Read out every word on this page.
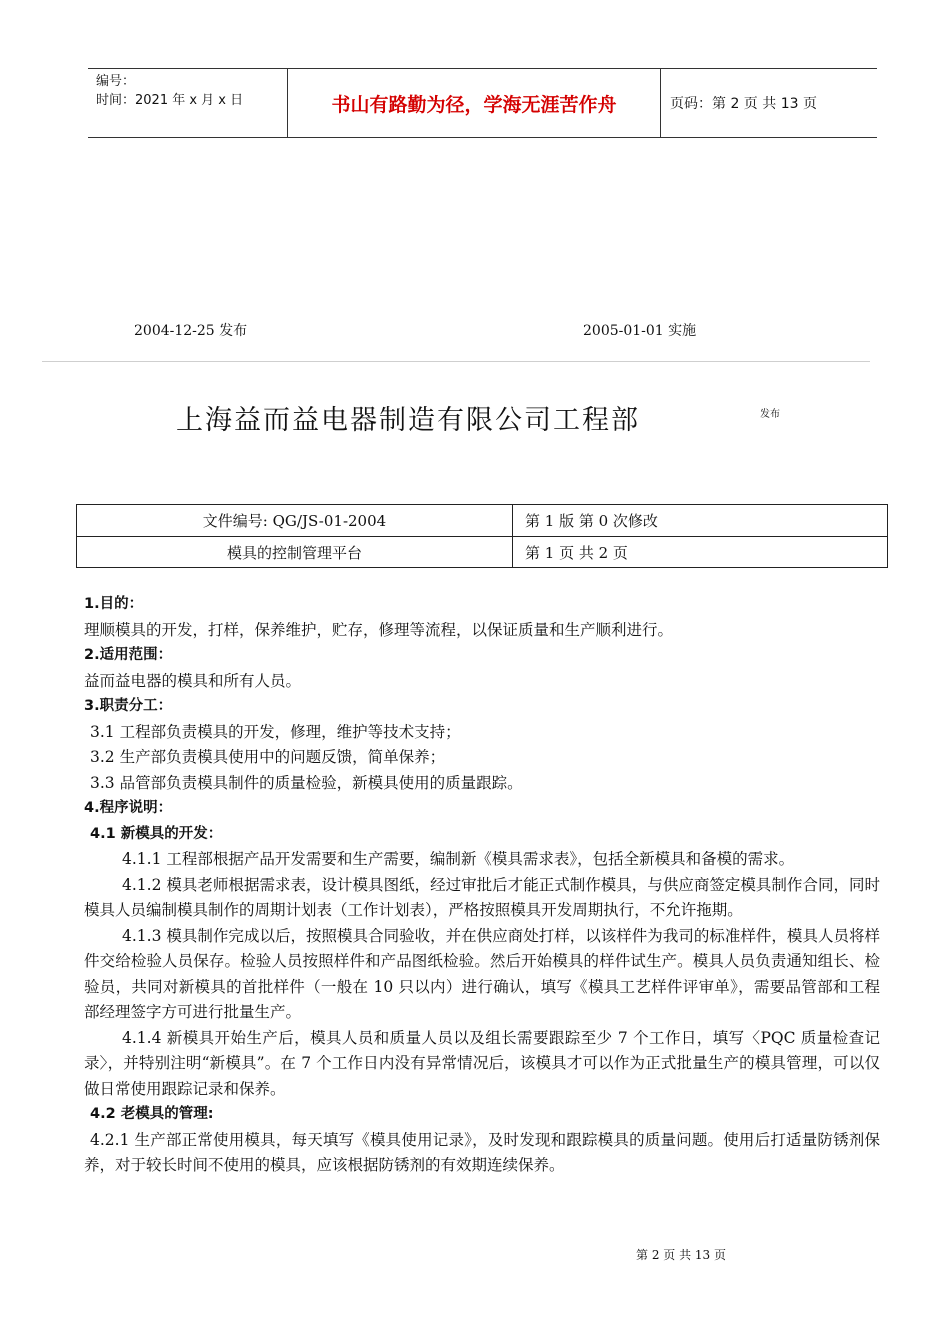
编号：
时间：2021 年 x 月 x 日	书山有路勤为径，学海无涯苦作舟	页码：第 2 页 共 13 页
2004-12-25 发布	2005-01-01 实施
上海益而益电器制造有限公司工程部	发布
文件编号: QG/JS-01-2004	第 1 版 第 0 次修改
模具的控制管理平台	第 1 页 共 2 页
1.目的：

理顺模具的开发，打样，保养维护，贮存，修理等流程，以保证质量和生产顺利进行。

2.适用范围：

益而益电器的模具和所有人员。

3.职责分工：

3.1 工程部负责模具的开发，修理，维护等技术支持；

3.2 生产部负责模具使用中的问题反馈，简单保养；

3.3 品管部负责模具制件的质量检验，新模具使用的质量跟踪。

4.程序说明：
4.1 新模具的开发：

4.1.1 工程部根据产品开发需要和生产需要，编制新《模具需求表》，包括全新模具和备模的需求。

4.1.2 模具老师根据需求表，设计模具图纸，经过审批后才能正式制作模具，与供应商签定模具制作合同，同时模具人员编制模具制作的周期计划表（工作计划表），严格按照模具开发周期执行，不允许拖期。

4.1.3 模具制作完成以后，按照模具合同验收，并在供应商处打样，以该样件为我司的标准样件，模具人员将样件交给检验人员保存。检验人员按照样件和产品图纸检验。然后开始模具的样件试生产。模具人员负责通知组长、检验员，共同对新模具的首批样件（一般在 10 只以内）进行确认，填写《模具工艺样件评审单》，需要品管部和工程部经理签字方可进行批量生产。

4.1.4 新模具开始生产后，模具人员和质量人员以及组长需要跟踪至少 7 个工作日，填写〈PQC 质量检查记录〉，并特别注明“新模具”。在 7 个工作日内没有异常情况后，该模具才可以作为正式批量生产的模具管理，可以仅做日常使用跟踪记录和保养。

4.2 老模具的管理:

4.2.1 生产部正常使用模具，每天填写《模具使用记录》，及时发现和跟踪模具的质量问题。使用后打适量防锈剂保养，对于较长时间不使用的模具，应该根据防锈剂的有效期连续保养。

第 2 页 共 13 页
